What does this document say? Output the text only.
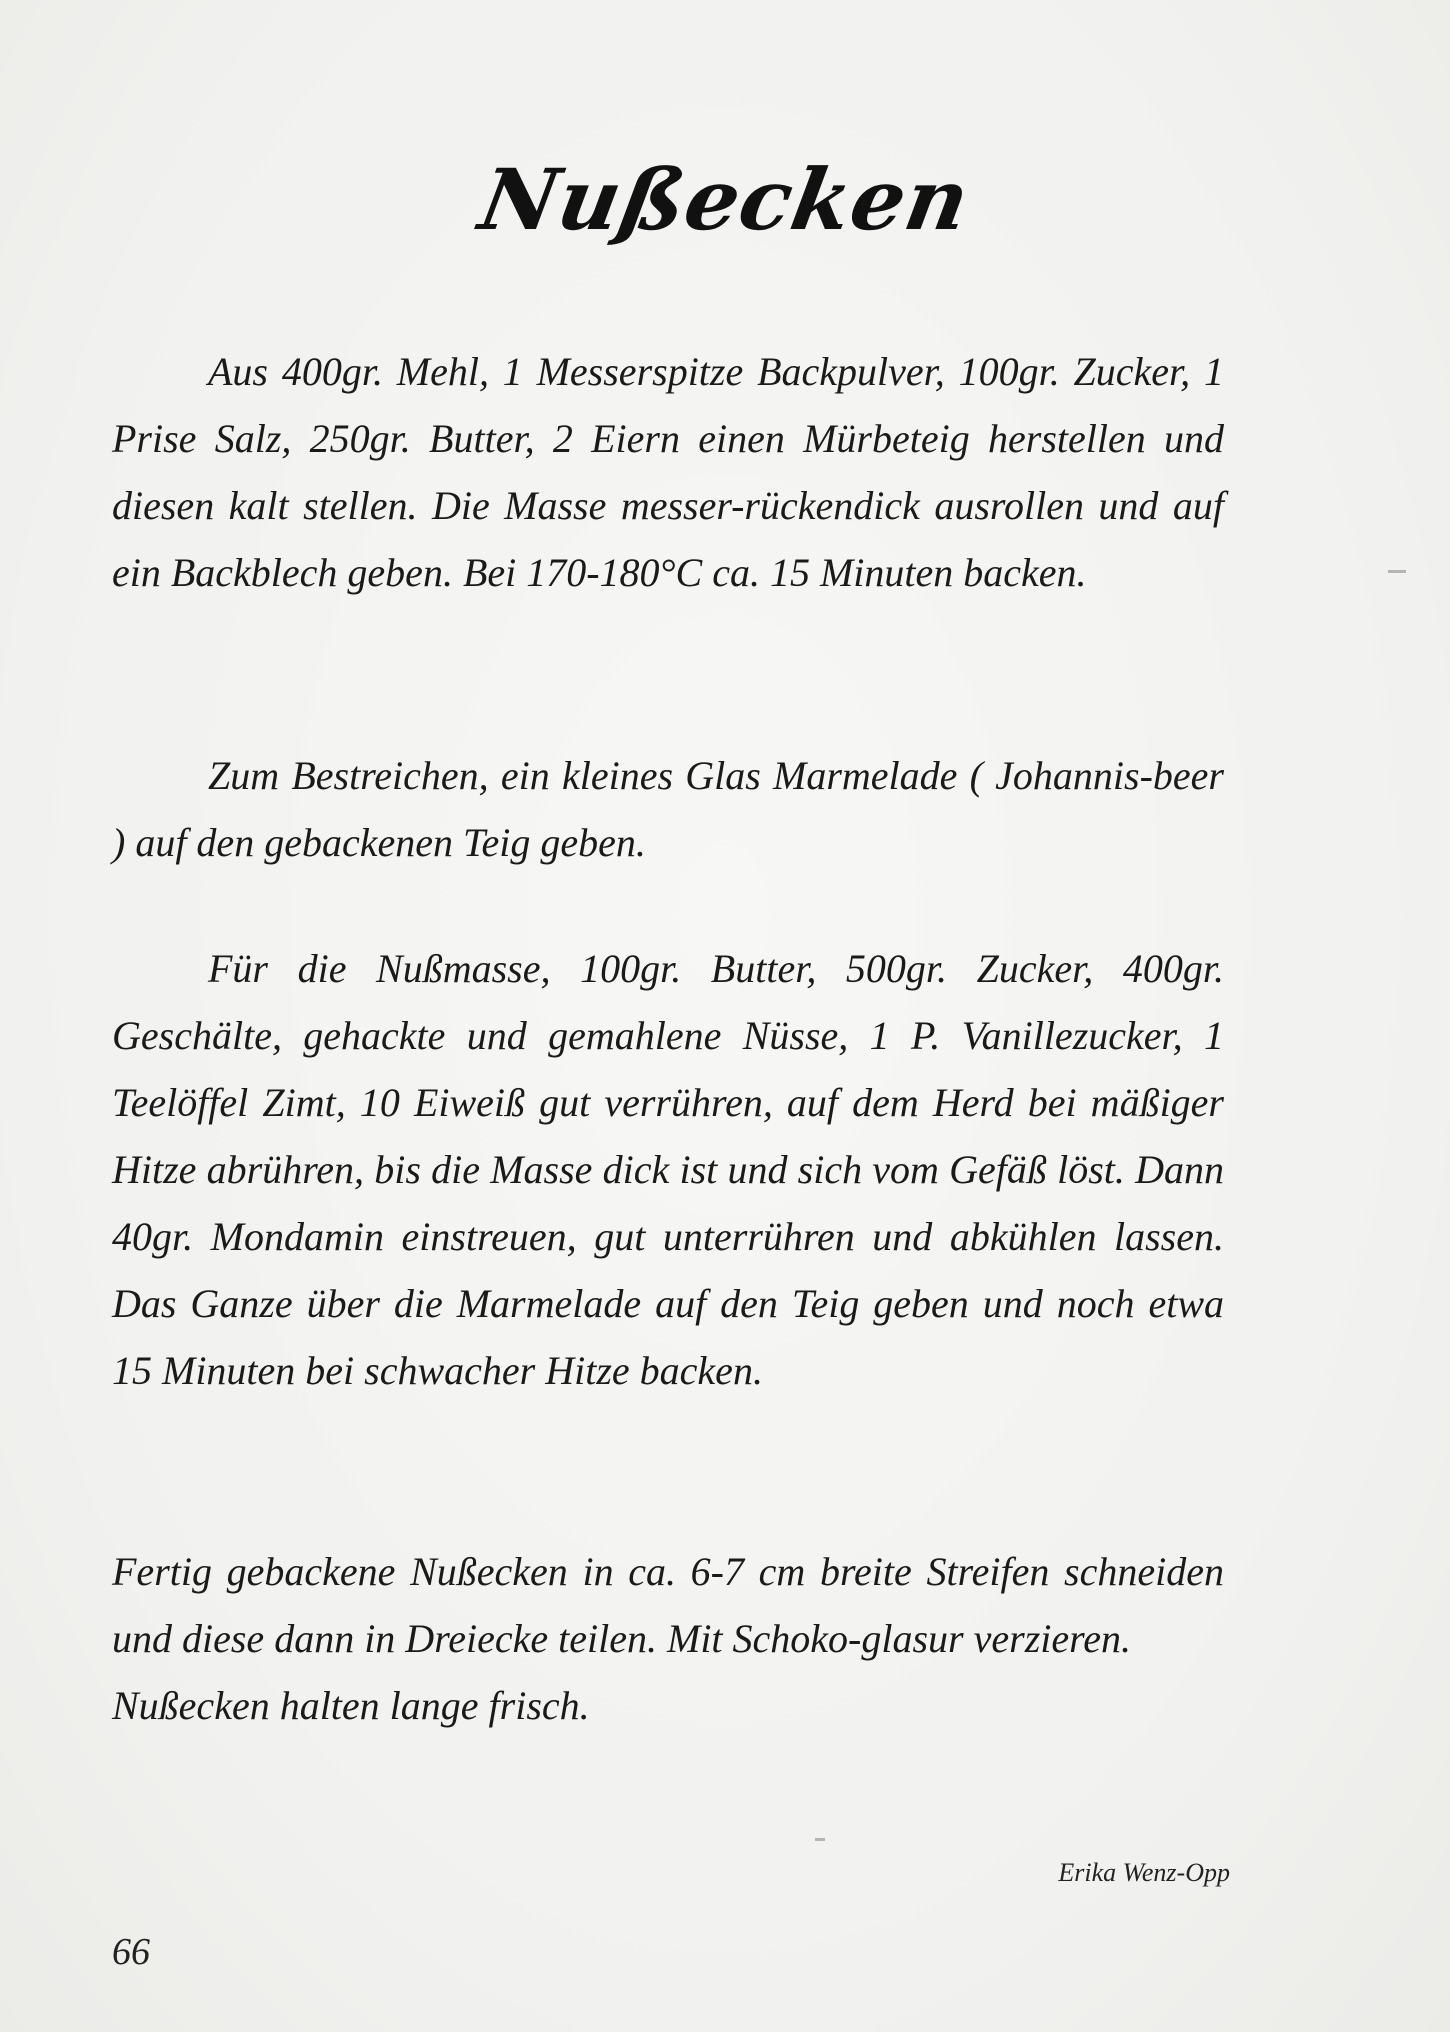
Nußecken

Aus 400gr. Mehl, 1 Messerspitze Backpulver, 100gr. Zucker, 1 Prise Salz, 250gr. Butter, 2 Eiern einen Mürbeteig herstellen und diesen kalt stellen. Die Masse messer-rückendick ausrollen und auf ein Backblech geben. Bei 170-180°C ca. 15 Minuten backen.

Zum Bestreichen, ein kleines Glas Marmelade ( Johannis-beer ) auf den gebackenen Teig geben.

Für die Nußmasse, 100gr. Butter, 500gr. Zucker, 400gr. Geschälte, gehackte und gemahlene Nüsse, 1 P. Vanillezucker, 1 Teelöffel Zimt, 10 Eiweiß gut verrühren, auf dem Herd bei mäßiger Hitze abrühren, bis die Masse dick ist und sich vom Gefäß löst. Dann 40gr. Mondamin einstreuen, gut unterrühren und abkühlen lassen. Das Ganze über die Marmelade auf den Teig geben und noch etwa 15 Minuten bei schwacher Hitze backen.

Fertig gebackene Nußecken in ca. 6-7 cm breite Streifen schneiden und diese dann in Dreiecke teilen. Mit Schoko-glasur verzieren.

Nußecken halten lange frisch.

Erika Wenz-Opp
66
